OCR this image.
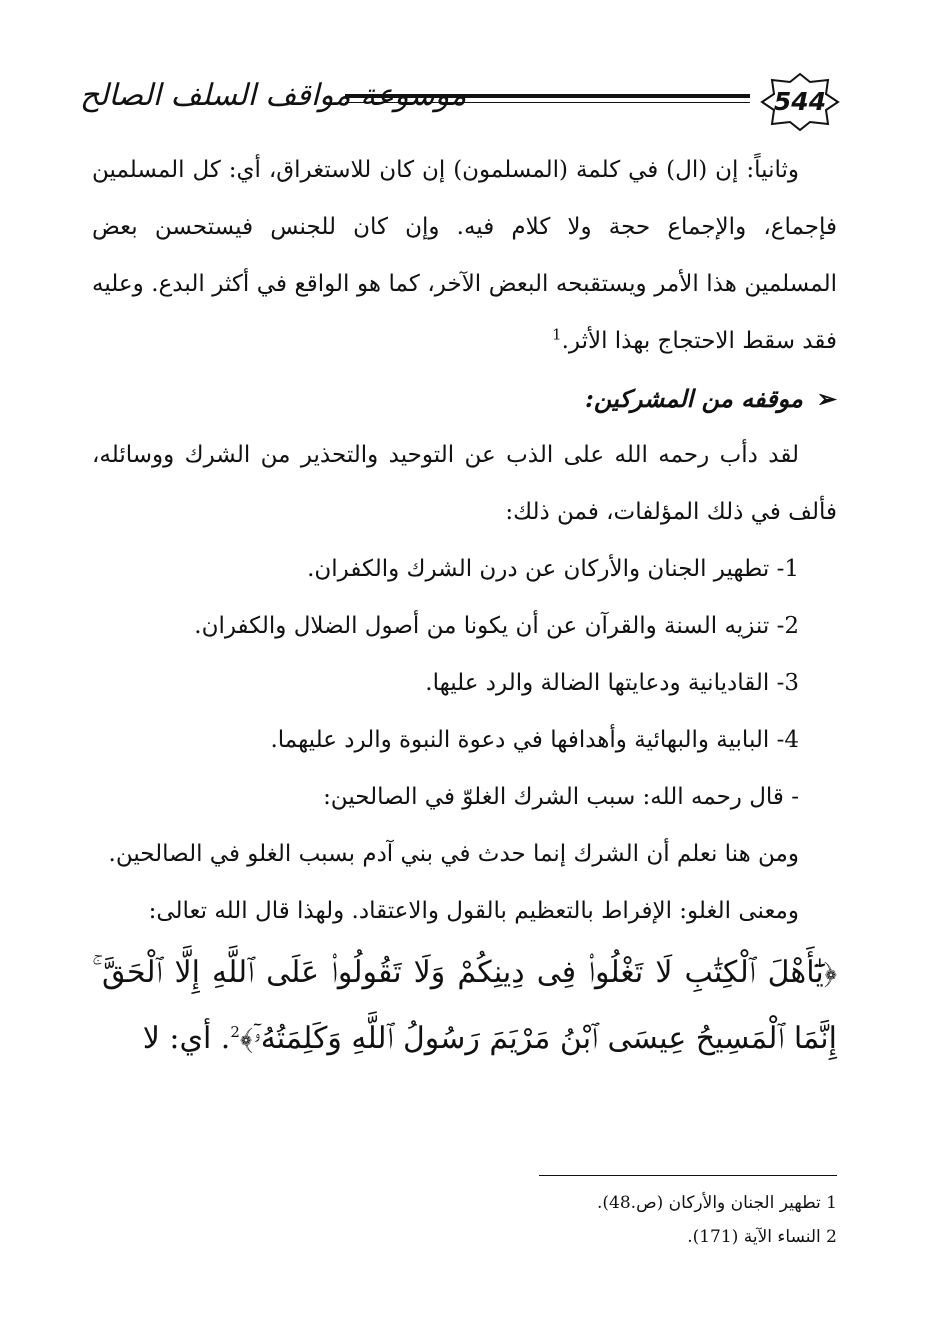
موسوعة مواقف السلف الصالح	544

وثانياً: إن (ال) في كلمة (المسلمون) إن كان للاستغراق، أي: كل المسلمين فإجماع، والإجماع حجة ولا كلام فيه. وإن كان للجنس فيستحسن بعض المسلمين هذا الأمر ويستقبحه البعض الآخر، كما هو الواقع في أكثر البدع. وعليه فقد سقط الاحتجاج بهذا الأثر.$^1$

➢موقفه من المشركين:

لقد دأب رحمه الله على الذب عن التوحيد والتحذير من الشرك ووسائله، فألف في ذلك المؤلفات، فمن ذلك:

1- تطهير الجنان والأركان عن درن الشرك والكفران.

2- تنزيه السنة والقرآن عن أن يكونا من أصول الضلال والكفران.

3- القاديانية ودعايتها الضالة والرد عليها.

4- البابية والبهائية وأهدافها في دعوة النبوة والرد عليهما.

- قال رحمه الله: سبب الشرك الغلوّ في الصالحين:

ومن هنا نعلم أن الشرك إنما حدث في بني آدم بسبب الغلو في الصالحين.

ومعنى الغلو: الإفراط بالتعظيم بالقول والاعتقاد. ولهذا قال الله تعالى:

﴿يَٰٓأَهْلَ ٱلْكِتَٰبِ لَا تَغْلُوا۟ فِى دِينِكُمْ وَلَا تَقُولُوا۟ عَلَى ٱللَّهِ إِلَّا ٱلْحَقَّ ۚ إِنَّمَا ٱلْمَسِيحُ عِيسَى ٱبْنُ مَرْيَمَ رَسُولُ ٱللَّهِ وَكَلِمَتُهُۥٓ﴾$^2$. أي: لا

1 تطهير الجنان والأركان (ص.48).
2 النساء الآية (171).
